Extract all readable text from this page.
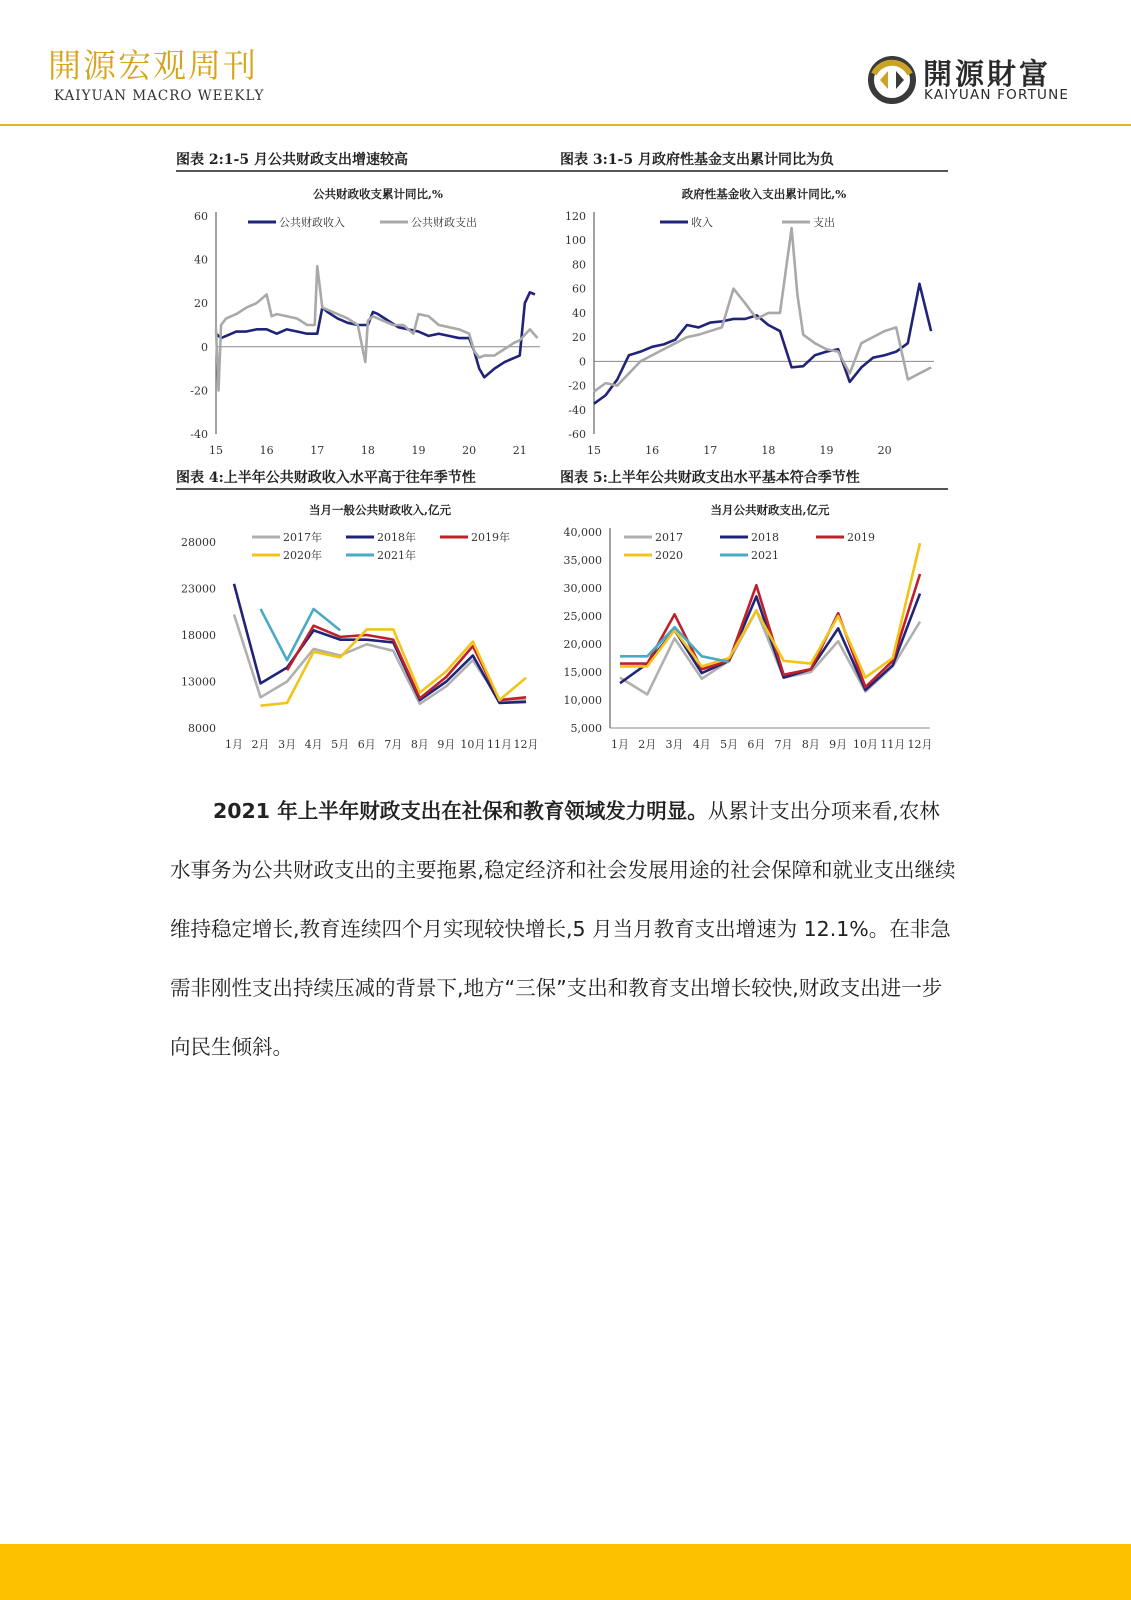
開源宏观周刊
KAIYUAN MACRO WEEKLY
開源財富
KAIYUAN FORTUNE
图表 2:1-5 月公共财政支出增速较高
公共财政收支累计同比,%
60
40
20
0
-20
-40
15	16	17	18	19	20	21
公共财政收入	公共财政支出
图表 3:1-5 月政府性基金支出累计同比为负
政府性基金收入支出累计同比,%
120
100
80
60
40
20
0
-20
-40
-60
15	16	17	18	19	20
收入	支出
图表 4:上半年公共财政收入水平高于往年季节性
当月一般公共财政收入,亿元
28000
23000
18000
13000
8000
1月 2月 3月 4月 5月 6月 7月 8月 9月 10月 11月 12月
2017年	2018年	2019年
2020年	2021年
图表 5:上半年公共财政支出水平基本符合季节性
当月公共财政支出,亿元
40,000
35,000
30,000
25,000
20,000
15,000
10,000
5,000
1月 2月 3月 4月 5月 6月 7月 8月 9月 10月 11月 12月
2017	2018	2019
2020	2021

2021 年上半年财政支出在社保和教育领域发力明显。从累计支出分项来看,农林水事务为公共财政支出的主要拖累,稳定经济和社会发展用途的社会保障和就业支出继续维持稳定增长,教育连续四个月实现较快增长,5 月当月教育支出增速为 12.1%。在非急需非刚性支出持续压减的背景下,地方“三保”支出和教育支出增长较快,财政支出进一步向民生倾斜。
